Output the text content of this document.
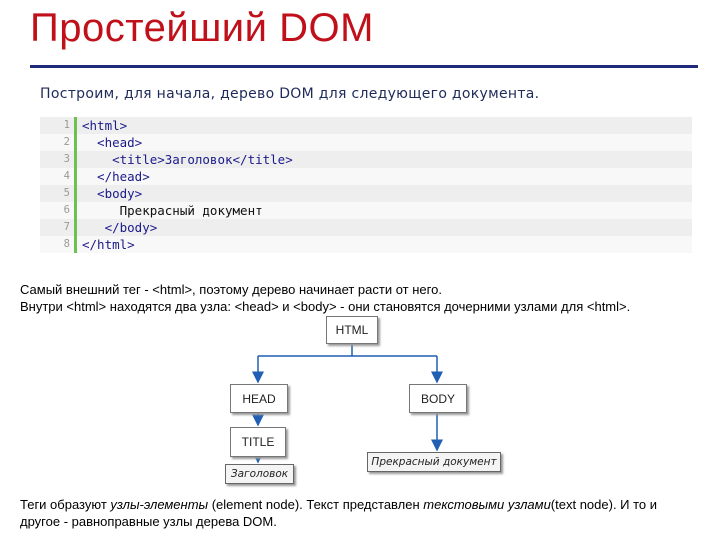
Простейший DOM
Построим, для начала, дерево DOM для следующего документа.
1 <html>
2 <head>
3 <title>Заголовок</title>
4 </head>
5 <body>
6 Прекрасный документ
7 </body>
8 </html>
Самый внешний тег - <html>, поэтому дерево начинает расти от него.
Внутри <html> находятся два узла: <head> и <body> - они становятся дочерними узлами для <html>.
HTML
HEAD	BODY
TITLE
Заголовок
Прекрасный документ
Теги образуют узлы-элементы (element node). Текст представлен текстовыми узлами(text node). И то и другое - равноправные узлы дерева DOM.
